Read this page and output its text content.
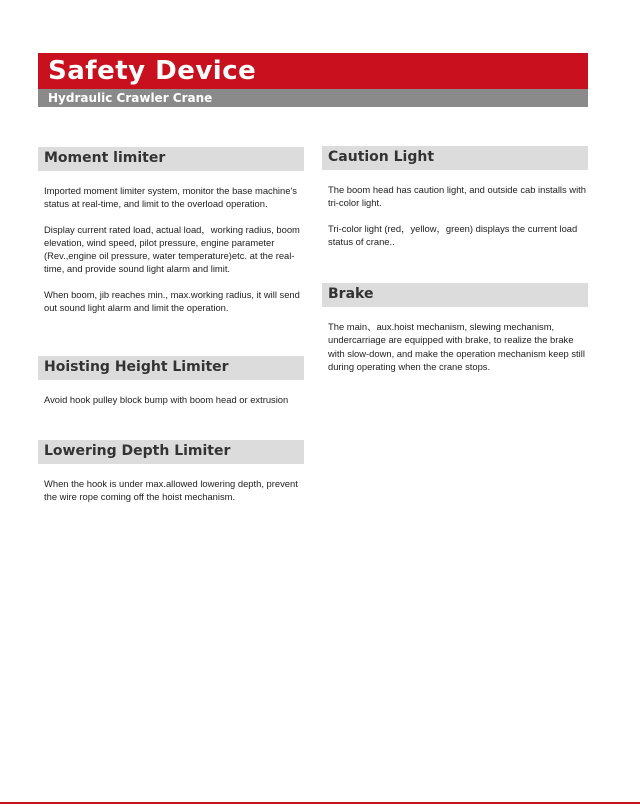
Safety Device
Hydraulic Crawler Crane
Moment limiter

Imported moment limiter system, monitor the base machine's status at real-time, and limit to the overload operation.

Display current rated load, actual load，working radius, boom elevation, wind speed, pilot pressure, engine parameter (Rev.,engine oil pressure, water temperature)etc. at the real-time, and provide sound light alarm and limit.

When boom, jib reaches min., max.working radius, it will send out sound light alarm and limit the operation.

Hoisting Height Limiter

Avoid hook pulley block bump with boom head or extrusion

Lowering Depth Limiter

When the hook is under max.allowed lowering depth, prevent the wire rope coming off the hoist mechanism.

Caution Light

The boom head has caution light, and outside cab installs with tri-color light.

Tri-color light (red，yellow，green) displays the current load status of crane..

Brake

The main、aux.hoist mechanism, slewing mechanism, undercarriage are equipped with brake, to realize the brake with slow-down, and make the operation mechanism keep still during operating when the crane stops.
